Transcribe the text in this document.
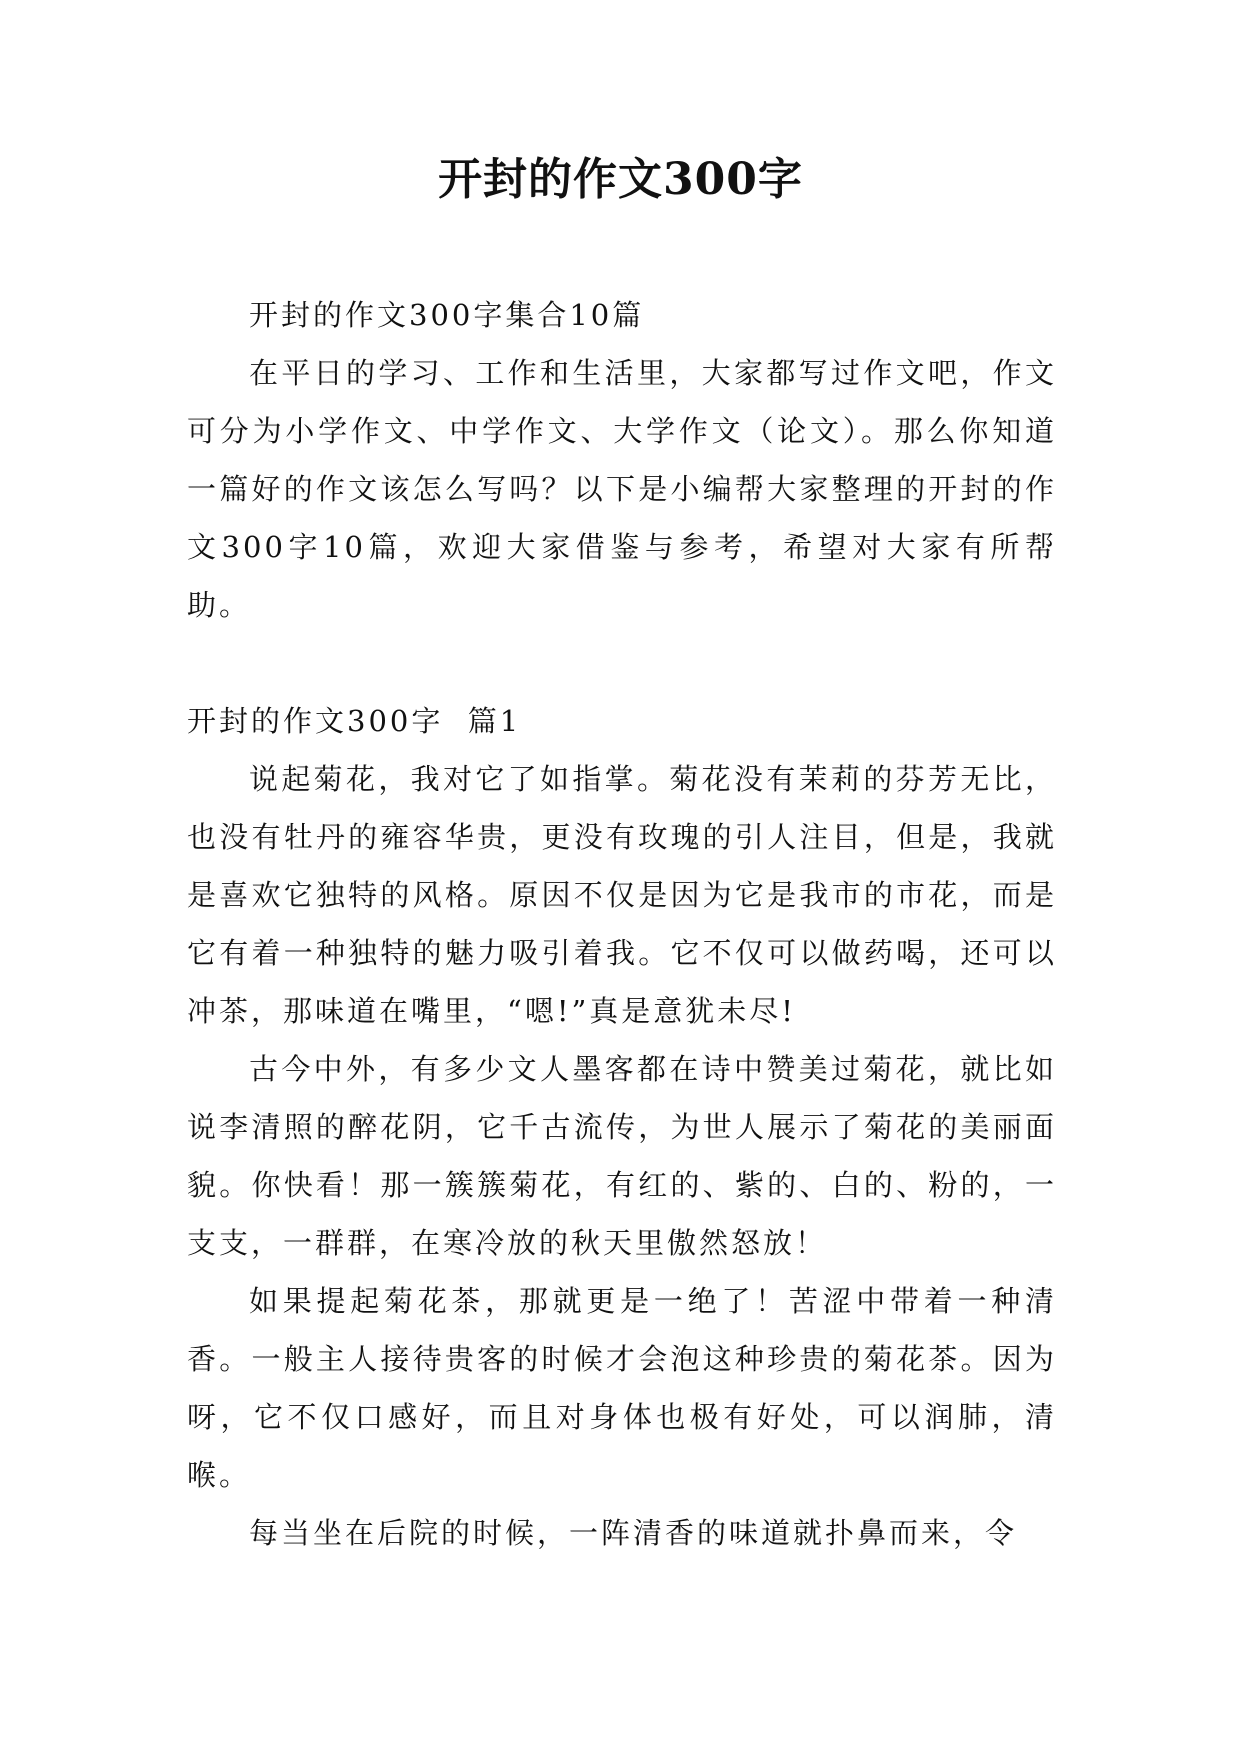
开封的作文300字

开封的作文300字集合10篇

在平日的学习、工作和生活里，大家都写过作文吧，作文可分为小学作文、中学作文、大学作文（论文）。那么你知道一篇好的作文该怎么写吗？以下是小编帮大家整理的开封的作文300字10篇，欢迎大家借鉴与参考，希望对大家有所帮助。

开封的作文300字  篇1

说起菊花，我对它了如指掌。菊花没有茉莉的芬芳无比，也没有牡丹的雍容华贵，更没有玫瑰的引人注目，但是，我就是喜欢它独特的风格。原因不仅是因为它是我市的市花，而是它有着一种独特的魅力吸引着我。它不仅可以做药喝，还可以冲茶，那味道在嘴里，“嗯!”真是意犹未尽!

古今中外，有多少文人墨客都在诗中赞美过菊花，就比如说李清照的醉花阴，它千古流传，为世人展示了菊花的美丽面貌。你快看！那一簇簇菊花，有红的、紫的、白的、粉的，一支支，一群群，在寒冷放的秋天里傲然怒放！

如果提起菊花茶，那就更是一绝了！苦涩中带着一种清香。一般主人接待贵客的时候才会泡这种珍贵的菊花茶。因为呀，它不仅口感好，而且对身体也极有好处，可以润肺，清喉。

每当坐在后院的时候，一阵清香的味道就扑鼻而来，令
